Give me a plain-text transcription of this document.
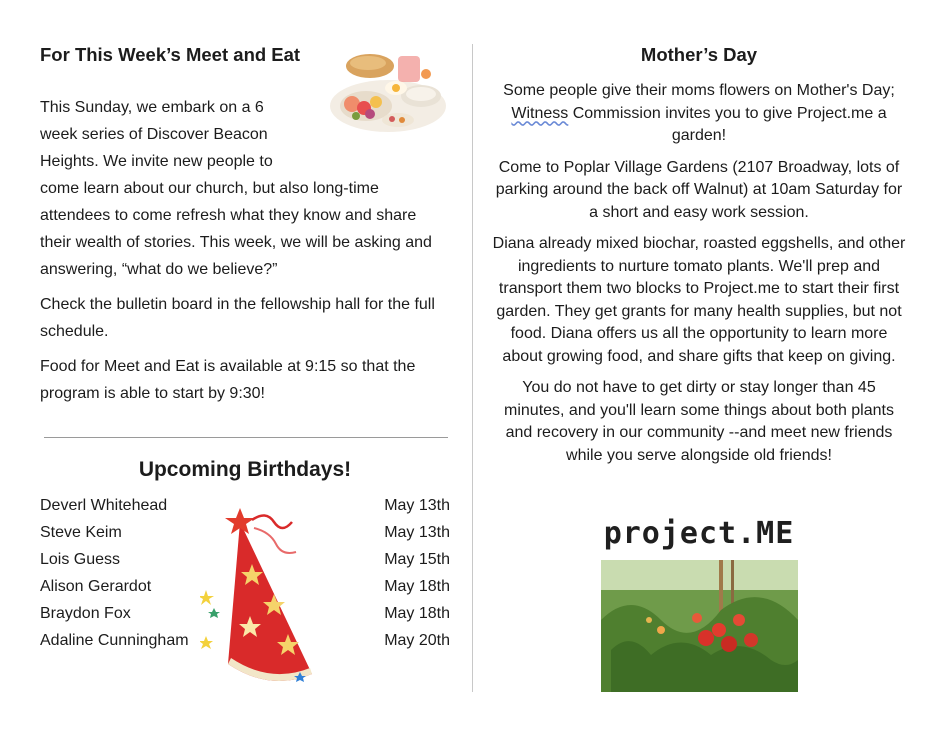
For This Week’s Meet and Eat

This Sunday, we embark on a 6
week series of Discover Beacon
Heights. We invite new people to
come learn about our church, but also long-time attendees to come refresh what they know and share their wealth of stories. This week, we will be asking and answering, “what do we believe?”

Check the bulletin board in the fellowship hall for the full schedule.

Food for Meet and Eat is available at 9:15 so that the program is able to start by 9:30!

Upcoming Birthdays!
Deverl Whitehead	May 13th
Steve Keim	May 13th
Lois Guess	May 15th
Alison Gerardot	May 18th
Braydon Fox	May 18th
Adaline Cunningham	May 20th
Mother’s Day

Some people give their moms flowers on Mother's Day; Witness Commission invites you to give Project.me a garden!

Come to Poplar Village Gardens (2107 Broadway, lots of parking around the back off Walnut) at 10am Saturday for a short and easy work session.

Diana already mixed biochar, roasted eggshells, and other ingredients to nurture tomato plants. We'll prep and transport them two blocks to Project.me to start their first garden. They get grants for many health supplies, but not food. Diana offers us all the opportunity to learn more about growing food, and share gifts that keep on giving.

You do not have to get dirty or stay longer than 45 minutes, and you'll learn some things about both plants and recovery in our community --and meet new friends while you serve alongside old friends!

project.ME
